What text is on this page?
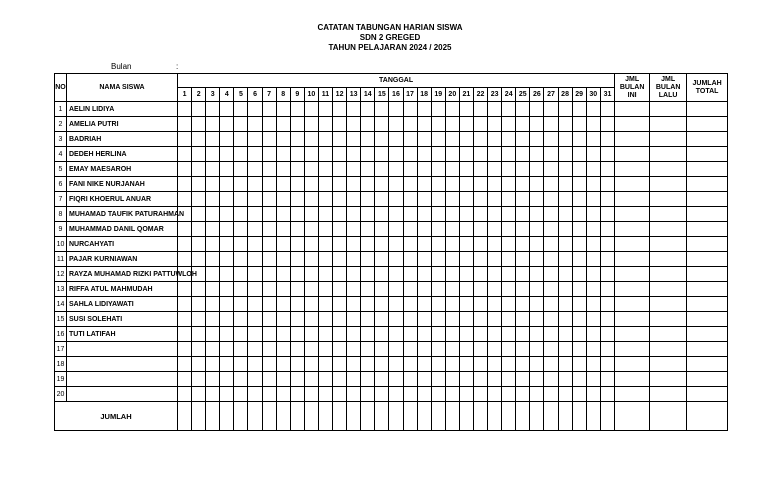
CATATAN TABUNGAN HARIAN SISWA
SDN 2 GREGED
TAHUN PELAJARAN 2024 / 2025
Bulan	:
NO	NAMA SISWA	TANGGAL																															JML BULAN INI	JML BULAN LALU	JUMLAH TOTAL
		1	2	3	4	5	6	7	8	9	10	11	12	13	14	15	16	17	18	19	20	21	22	23	24	25	26	27	28	29	30	31			
1	AELIN LIDIYA																																		
2	AMELIA PUTRI																																		
3	BADRIAH																																		
4	DEDEH HERLINA																																		
5	EMAY MAESAROH																																		
6	FANI NIKE NURJANAH																																		
7	FIQRI KHOERUL ANUAR																																		
8	MUHAMAD TAUFIK PATURAHMAN																																		
9	MUHAMMAD DANIL QOMAR																																		
10	NURCAHYATI																																		
11	PAJAR KURNIAWAN																																		
12	RAYZA MUHAMAD RIZKI PATTUWLOH																																		
13	RIFFA ATUL MAHMUDAH																																		
14	SAHLA LIDIYAWATI																																		
15	SUSI SOLEHATI																																		
16	TUTI LATIFAH																																		
17																																			
18																																			
19																																			
20																																			
JUMLAH																																			
